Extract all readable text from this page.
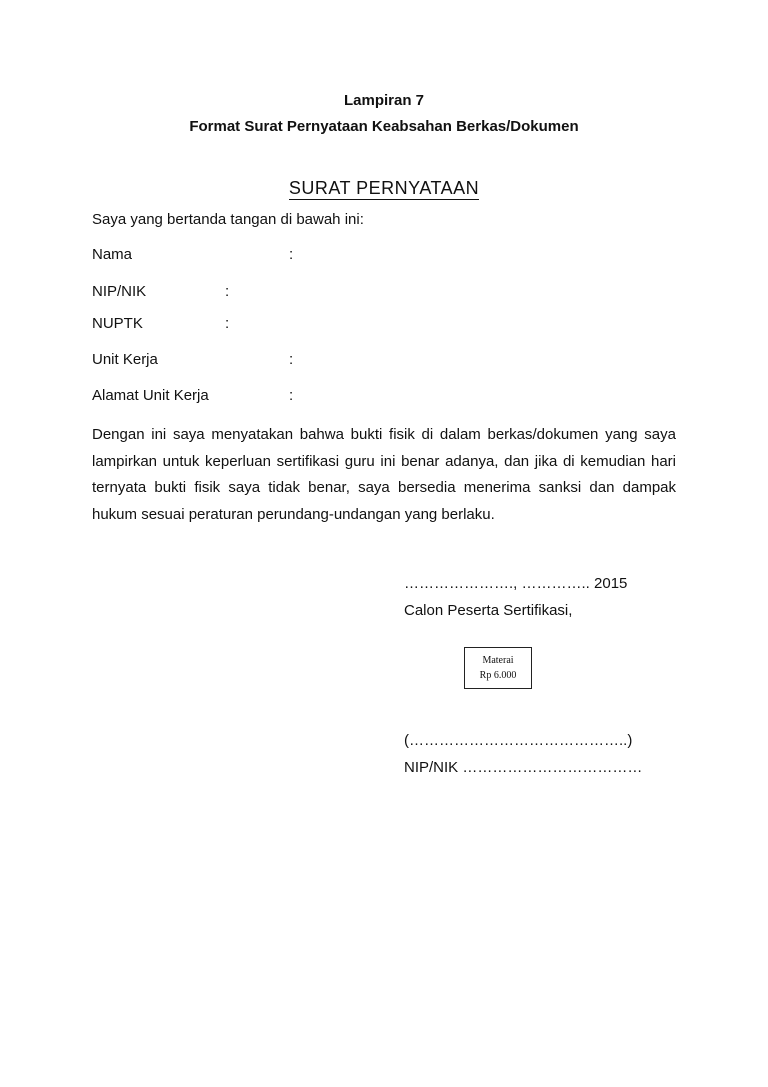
Lampiran 7
Format Surat Pernyataan Keabsahan Berkas/Dokumen
SURAT PERNYATAAN
Saya yang bertanda tangan di bawah ini:
Nama	:
NIP/NIK	:
NUPTK	:
Unit Kerja	:
Alamat Unit Kerja	:
Dengan ini saya menyatakan bahwa bukti fisik di dalam berkas/dokumen yang saya lampirkan untuk keperluan sertifikasi guru ini benar adanya, dan jika di kemudian hari ternyata bukti fisik saya tidak benar, saya bersedia menerima sanksi dan dampak hukum sesuai peraturan perundang-undangan yang berlaku.
…………………., ………….. 2015
Calon Peserta Sertifikasi,
Materai
Rp 6.000
(……………………………………..)
NIP/NIK ………………………………
